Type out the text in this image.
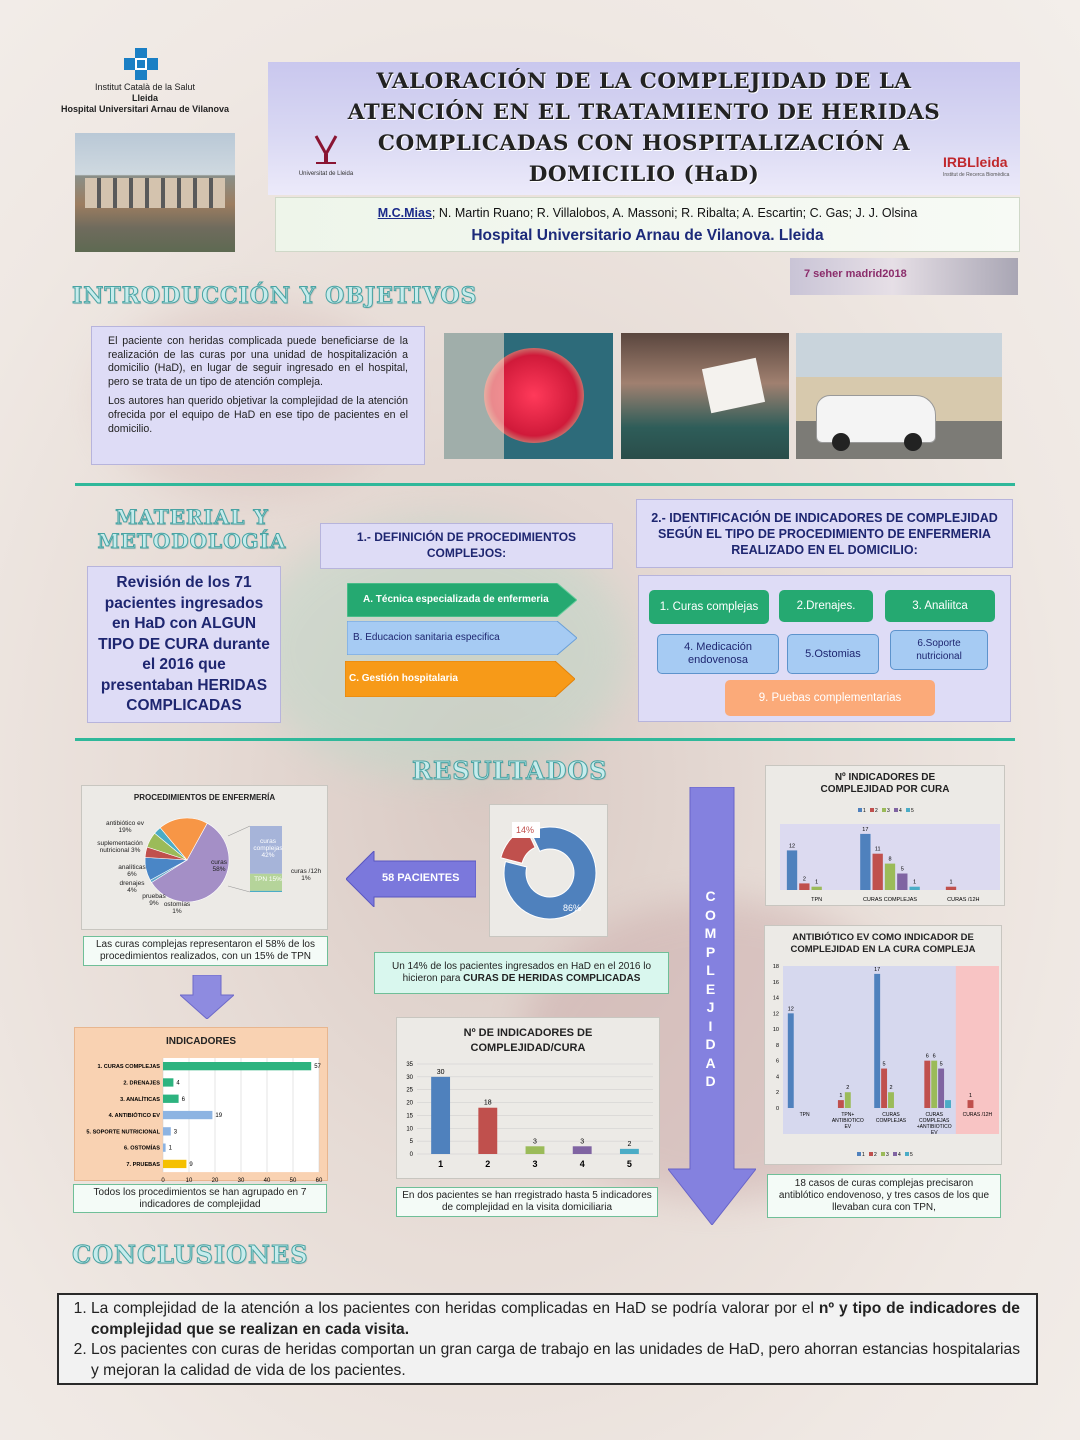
Institut Català de la Salut
Lleida
Hospital Universitari Arnau de Vilanova
VALORACIÓN DE LA COMPLEJIDAD DE LA ATENCIÓN EN EL TRATAMIENTO DE HERIDAS COMPLICADAS CON HOSPITALIZACIÓN A DOMICILIO (HaD)
Universitat de Lleida
IRBLleida
Institut de Recerca Biomèdica
M.C.Mias; N. Martin Ruano; R. Villalobos, A. Massoni; R. Ribalta; A. Escartin; C. Gas; J. J. Olsina
Hospital Universitario Arnau de Vilanova. Lleida
7 seher madrid2018
INTRODUCCIÓN Y OBJETIVOS

El paciente con heridas complicada puede beneficiarse de la realización de las curas por una unidad de hospitalización a domicilio (HaD), en lugar de seguir ingresado en el hospital, pero se trata de un tipo de atención compleja.

Los autores han querido objetivar la complejidad de la atención ofrecida por el equipo de HaD en ese tipo de pacientes en el domicilio.

MATERIAL Y METODOLOGÍA
Revisión de los 71 pacientes ingresados en HaD con ALGUN TIPO DE CURA durante el 2016 que presentaban HERIDAS COMPLICADAS
1.- DEFINICIÓN DE PROCEDIMIENTOS COMPLEJOS:
A. Técnica especializada de enfermeria
B. Educacion sanitaria especifica
C. Gestión hospitalaria
2.- IDENTIFICACIÓN DE INDICADORES DE COMPLEJIDAD SEGÚN EL TIPO DE PROCEDIMIENTO DE ENFERMERIA REALIZADO EN EL DOMICILIO:
1. Curas complejas	2.Drenajes.	3. Analiitca
4. Medicación endovenosa
5.Ostomias
6.Soporte nutricional
9. Puebas complementarias
RESULTADOS
PROCEDIMIENTOS DE ENFERMERÍA
antibiótico ev 19%
suplementación nutricional 3%
analíticas 6%
drenajes 4%
pruebas 9% ostomías 1%
curas 58%
curas complejas 42%
TPN 15%
curas /12h 1%
Las curas complejas representaron el 58% de los procedimientos realizados, con un 15% de TPN
INDICADORES
0	10	20	30	40	50	60
1. CURAS COMPLEJAS	57
2. DRENAJES	4
3. ANALÍTICAS	6
4. ANTIBIÓTICO EV	19
5. SOPORTE NUTRICIONAL 3
6. OSTOMÍAS 1
7. PRUEBAS	9
Todos los procedimientos se han agrupado en 7 indicadores de complejidad
58 PACIENTES
86%
14%
Un 14% de los pacientes ingresados en HaD en el 2016 lo hicieron para CURAS DE HERIDAS COMPLICADAS
Nº DE INDICADORES DE COMPLEJIDAD/CURA
0
5
10
15
20
25
30
35
30
1
18
2
3
3
3
4
2
5
En dos pacientes se han rregistrado hasta 5 indicadores de complejidad en la visita domiciliaria
COMPLEJIDAD
Nº INDICADORES DE COMPLEJIDAD POR CURA
1 2 3 4 5
12
2
1
TPN
17
11
8
5
1
CURAS COMPLEJAS
1
CURAS /12H
ANTIBIÓTICO EV COMO INDICADOR DE COMPLEJIDAD EN LA CURA COMPLEJA
0
2
4
6
8
10
12
14
16
18
12
TPN
1
2
TPN+
ANTIBIOTICO
EV
17
5
2
CURAS
COMPLEJAS
6 6
5
CURAS
COMPLEJAS
+ANTIBIOTICO
EV
1
CURAS /12H
1 2 3 4 5
18 casos de curas complejas precisaron antiblótico endovenoso, y tres casos de los que llevaban cura con TPN,
CONCLUSIONES
1. La complejidad de la atención a los pacientes con heridas complicadas en HaD se podría valorar por el nº y tipo de indicadores de complejidad que se realizan en cada visita.
2. Los pacientes con curas de heridas comportan un gran carga de trabajo en las unidades de HaD, pero ahorran estancias hospitalarias y mejoran la calidad de vida de los pacientes.
